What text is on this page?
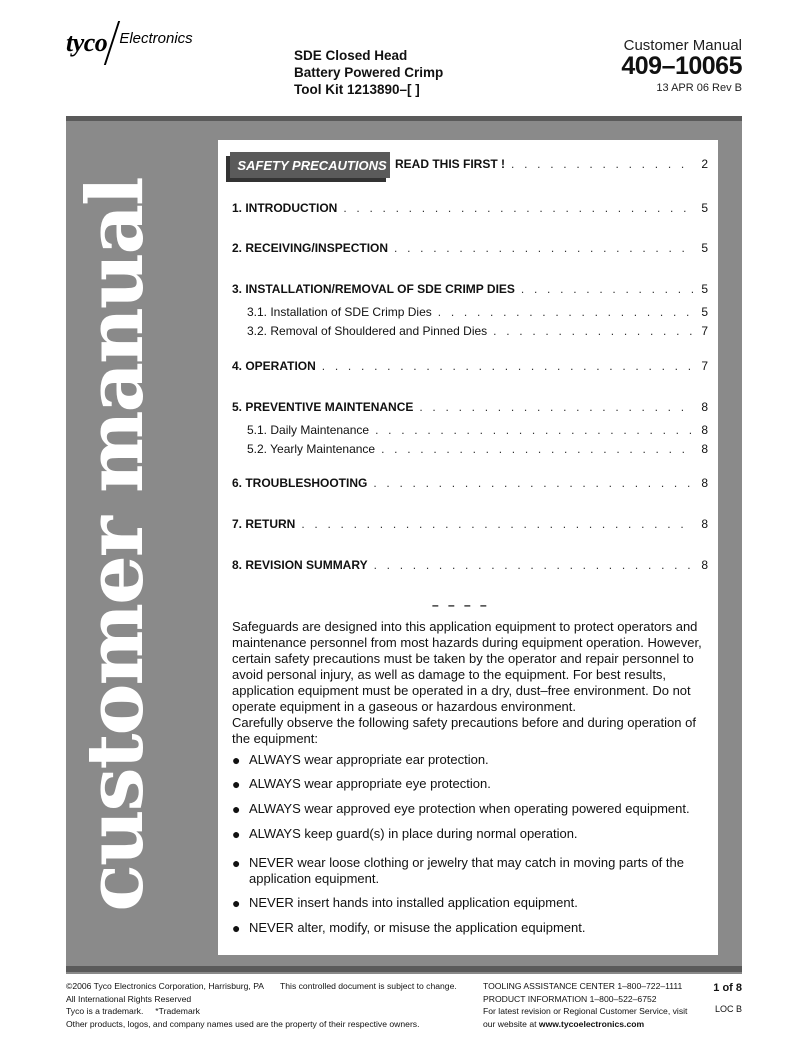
tyco Electronics
SDE Closed Head
Battery Powered Crimp
Tool Kit 1213890–[ ]
Customer Manual
409–10065
13 APR 06 Rev B
customer manual
SAFETY PRECAUTIONS READ THIS FIRST ! . . .	2
1. INTRODUCTION . . .	5
2. RECEIVING/INSPECTION . . .	5
3. INSTALLATION/REMOVAL OF SDE CRIMP DIES . . .	5
3.1. Installation of SDE Crimp Dies . . .	5
3.2. Removal of Shouldered and Pinned Dies . . .	7
4. OPERATION . . .	7
5. PREVENTIVE MAINTENANCE . . .	8
5.1. Daily Maintenance . . .	8
5.2. Yearly Maintenance . . .	8
6. TROUBLESHOOTING . . .	8
7. RETURN . . .	8
8. REVISION SUMMARY . . .	8
– – – –
Safeguards are designed into this application equipment to protect operators and maintenance personnel from most hazards during equipment operation. However, certain safety precautions must be taken by the operator and repair personnel to avoid personal injury, as well as damage to the equipment. For best results, application equipment must be operated in a dry, dust–free environment. Do not operate equipment in a gaseous or hazardous environment.
Carefully observe the following safety precautions before and during operation of the equipment:
● ALWAYS wear appropriate ear protection.
● ALWAYS wear appropriate eye protection.
● ALWAYS wear approved eye protection when operating powered equipment.
● ALWAYS keep guard(s) in place during normal operation.
● NEVER wear loose clothing or jewelry that may catch in moving parts of the application equipment.
● NEVER insert hands into installed application equipment.
● NEVER alter, modify, or misuse the application equipment.
©2006 Tyco Electronics Corporation, Harrisburg, PA
All International Rights Reserved
Tyco is a trademark.     *Trademark
Other products, logos, and company names used are the property of their respective owners.
This controlled document is subject to change.	TOOLING ASSISTANCE CENTER 1–800–722–1111
PRODUCT INFORMATION 1–800–522–6752
For latest revision or Regional Customer Service, visit
our website at www.tycoelectronics.com
1 of 8
LOC B
